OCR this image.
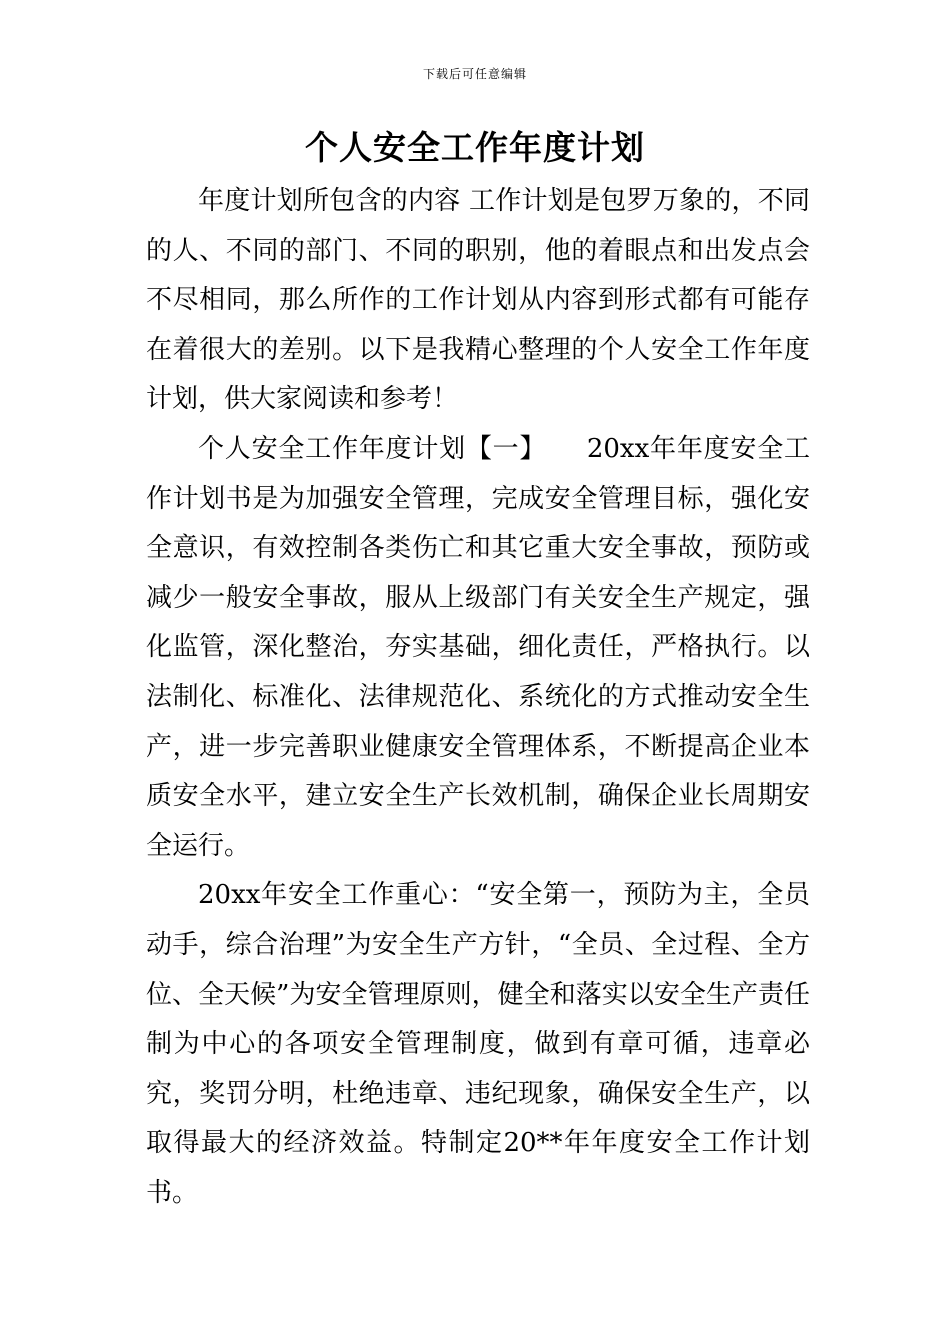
下载后可任意编辑
个人安全工作年度计划

年度计划所包含的内容 工作计划是包罗万象的，不同的人、不同的部门、不同的职别，他的着眼点和出发点会不尽相同，那么所作的工作计划从内容到形式都有可能存在着很大的差别。以下是我精心整理的个人安全工作年度计划，供大家阅读和参考！

个人安全工作年度计划【一】　　20xx年年度安全工作计划书是为加强安全管理，完成安全管理目标，强化安全意识，有效控制各类伤亡和其它重大安全事故，预防或减少一般安全事故，服从上级部门有关安全生产规定，强化监管，深化整治，夯实基础，细化责任，严格执行。以法制化、标准化、法律规范化、系统化的方式推动安全生产，进一步完善职业健康安全管理体系，不断提高企业本质安全水平，建立安全生产长效机制，确保企业长周期安全运行。

20xx年安全工作重心：“安全第一，预防为主，全员动手，综合治理”为安全生产方针，“全员、全过程、全方位、全天候”为安全管理原则，健全和落实以安全生产责任制为中心的各项安全管理制度，做到有章可循，违章必究，奖罚分明，杜绝违章、违纪现象，确保安全生产，以取得最大的经济效益。特制定20**年年度安全工作计划书。
